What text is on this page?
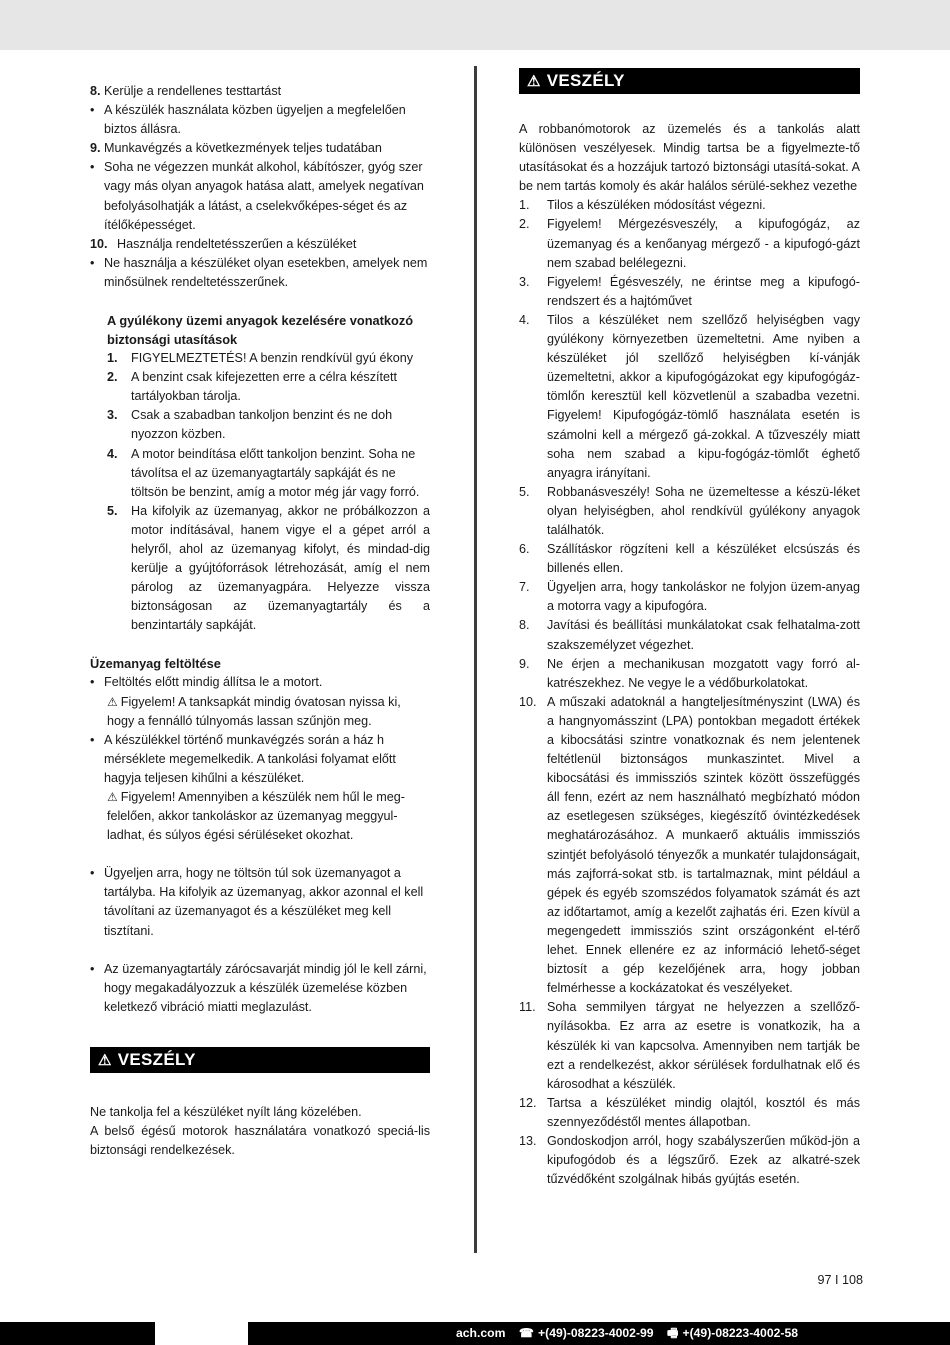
8. Kerülje a rendellenes testtartást
• A készülék használata közben ügyeljen a megfelelően biztos állásra.
9. Munkavégzés a következmények teljes tudatában
• Soha ne végezzen munkát alkohol, kábítószer, gyóg szer vagy más olyan anyagok hatása alatt, amelyek negatívan befolyásolhatják a látást, a cselekvőképes-séget és az ítélőképességet.
10. Használja rendeltetésszerűen a készüléket
• Ne használja a készüléket olyan esetekben, amelyek nem minősülnek rendeltetésszerűnek.
A gyúlékony üzemi anyagok kezelésére vonatkozó biztonsági utasítások
1.	FIGYELMEZTETÉS! A benzin rendkívül gyú ékony
2.	A benzint csak kifejezetten erre a célra készített tartályokban tárolja.
3.	Csak a szabadban tankoljon benzint és ne doh nyozzon közben.
4.	A motor beindítása előtt tankoljon benzint. Soha ne távolítsa el az üzemanyagtartály sapkáját és ne töltsön be benzint, amíg a motor még jár vagy forró.
5.	Ha kifolyik az üzemanyag, akkor ne próbálkozzon a motor indításával, hanem vigye el a gépet arról a helyről, ahol az üzemanyag kifolyt, és mindad-dig kerülje a gyújtóforrások létrehozását, amíg el nem párolog az üzemanyagpára. Helyezze vissza biztonságosan az üzemanyagtartály és a benzintartály sapkáját.
Üzemanyag feltöltése
• Feltöltés előtt mindig állítsa le a motort.
⚠ Figyelem! A tanksapkát mindig óvatosan nyissa ki, hogy a fennálló túlnyomás lassan szűnjön meg.
• A készülékkel történő munkavégzés során a ház h mérséklete megemelkedik. A tankolási folyamat előtt hagyja teljesen kihűlni a készüléket.
⚠ Figyelem! Amennyiben a készülék nem hűl le meg-felelően, akkor tankoláskor az üzemanyag meggyul-ladhat, és súlyos égési sérüléseket okozhat.
• Ügyeljen arra, hogy ne töltsön túl sok üzemanyagot a tartályba. Ha kifolyik az üzemanyag, akkor azonnal el kell távolítani az üzemanyagot és a készüléket meg kell tisztítani.
• Az üzemanyagtartály zárócsavarját mindig jól le kell zárni, hogy megakadályozzuk a készülék üzemelése közben keletkező vibráció miatti meglazulást.
⚠ VESZÉLY

Ne tankolja fel a készüléket nyílt láng közelében.

A belső égésű motorok használatára vonatkozó speciá-lis biztonsági rendelkezések.

⚠ VESZÉLY

A robbanómotorok az üzemelés és a tankolás alatt különösen veszélyesek. Mindig tartsa be a figyelmezte-tő utasításokat és a hozzájuk tartozó biztonsági utasítá-sokat. A be nem tartás komoly és akár halálos sérülé-sekhez vezethe

1.	Tilos a készüléken módosítást végezni.
2.	Figyelem! Mérgezésveszély, a kipufogógáz, az üzemanyag és a kenőanyag mérgező - a kipufogó-gázt nem szabad belélegezni.
3.	Figyelem! Égésveszély, ne érintse meg a kipufogó-rendszert és a hajtóművet
4.	Tilos a készüléket nem szellőző helyiségben vagy gyúlékony környezetben üzemeltetni. Ame nyiben a készüléket jól szellőző helyiségben kí-vánják üzemeltetni, akkor a kipufogógázokat egy kipufogógáz-tömlőn keresztül kell közvetlenül a szabadba vezetni. Figyelem! Kipufogógáz-tömlő használata esetén is számolni kell a mérgező gá-zokkal. A tűzveszély miatt soha nem szabad a kipu-fogógáz-tömlőt éghető anyagra irányítani.
5.	Robbanásveszély! Soha ne üzemeltesse a készü-léket olyan helyiségben, ahol rendkívül gyúlékony anyagok találhatók.
6.	Szállításkor rögzíteni kell a készüléket elcsúszás és billenés ellen.
7.	Ügyeljen arra, hogy tankoláskor ne folyjon üzem-anyag a motorra vagy a kipufogóra.
8.	Javítási és beállítási munkálatokat csak felhatalma-zott szakszemélyzet végezhet.
9.	Ne érjen a mechanikusan mozgatott vagy forró al-katrészekhez. Ne vegye le a védőburkolatokat.
10. A műszaki adatoknál a hangteljesítményszint (LWA) és a hangnyomásszint (LPA) pontokban megadott értékek a kibocsátási szintre vonatkoznak és nem jelentenek feltétlenül biztonságos munkaszintet. Mivel a kibocsátási és immissziós szintek között összefüggés áll fenn, ezért az nem használható megbízható módon az esetlegesen szükséges, kiegészítő óvintézkedések meghatározásához. A munkaerő aktuális immissziós szintjét befolyásoló tényezők a munkatér tulajdonságait, más zajforrá-sokat stb. is tartalmaznak, mint például a gépek és egyéb szomszédos folyamatok számát és azt az időtartamot, amíg a kezelőt zajhatás éri. Ezen kívül a megengedett immissziós szint országonként el-térő lehet. Ennek ellenére ez az információ lehető-séget biztosít a gép kezelőjének arra, hogy jobban felmérhesse a kockázatokat és veszélyeket.
11. Soha semmilyen tárgyat ne helyezzen a szellőző-nyílásokba. Ez arra az esetre is vonatkozik, ha a készülék ki van kapcsolva. Amennyiben nem tartják be ezt a rendelkezést, akkor sérülések fordulhatnak elő és károsodhat a készülék.
12. Tartsa a készüléket mindig olajtól, kosztól és más szennyeződéstől mentes állapotban.
13. Gondoskodjon arról, hogy szabályszerűen működ-jön a kipufogódob és a légszűrő. Ezek az alkatré-szek tűzvédőként szolgálnak hibás gyújtás esetén.
97 I 108
ach.com ☎ +(49)-08223-4002-99 🖷 +(49)-08223-4002-58
